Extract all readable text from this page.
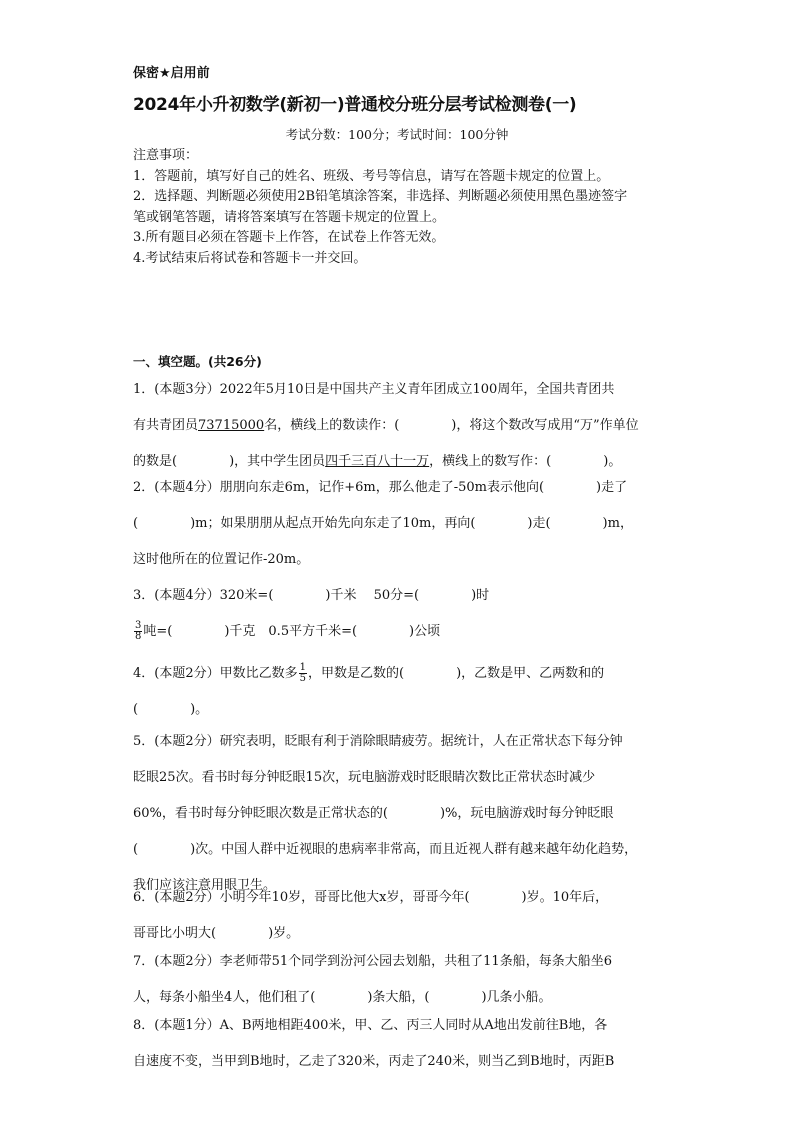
保密★启用前
2024年小升初数学(新初一)普通校分班分层考试检测卷(一)
考试分数：100分；考试时间：100分钟
注意事项：
1．答题前，填写好自己的姓名、班级、考号等信息，请写在答题卡规定的位置上。
2．选择题、判断题必须使用2B铅笔填涂答案，非选择、判断题必须使用黑色墨迹签字
笔或钢笔答题，请将答案填写在答题卡规定的位置上。
3.所有题目必须在答题卡上作答，在试卷上作答无效。
4.考试结束后将试卷和答题卡一并交回。
一、填空题。(共26分)
1．(本题3分）2022年5月10日是中国共产主义青年团成立100周年，全国共青团共
有共青团员73715000名，横线上的数读作：(　　　　)，将这个数改写成用“万”作单位
的数是(　　　　)，其中学生团员四千三百八十一万，横线上的数写作：(　　　　)。
2．(本题4分）朋朋向东走6m，记作+6m，那么他走了-50m表示他向(　　　　)走了
(　　　　)m；如果朋朋从起点开始先向东走了10m，再向(　　　　)走(　　　　)m，
这时他所在的位置记作-20m。
3．(本题4分）320米=(　　　　)千米　 50分=(　　　　)时
$\frac{3}{8}$ 吨=(　　　　)千克　0.5平方千米=(　　　　)公顷
4．(本题2分）甲数比乙数多 $\frac{1}{5}$ ，甲数是乙数的(　　　　)，乙数是甲、乙两数和的
(　　　　)。
5．(本题2分）研究表明，眨眼有利于消除眼睛疲劳。据统计，人在正常状态下每分钟
眨眼25次。看书时每分钟眨眼15次，玩电脑游戏时眨眼睛次数比正常状态时减少
60%，看书时每分钟眨眼次数是正常状态的(　　　　)%，玩电脑游戏时每分钟眨眼
(　　　　)次。中国人群中近视眼的患病率非常高，而且近视人群有越来越年幼化趋势，
我们应该注意用眼卫生。
6．(本题2分）小明今年10岁，哥哥比他大x岁，哥哥今年(　　　　)岁。10年后，
哥哥比小明大(　　　　)岁。
7．(本题2分）李老师带51个同学到汾河公园去划船，共租了11条船，每条大船坐6
人，每条小船坐4人，他们租了(　　　　)条大船，(　　　　)几条小船。
8．(本题1分）A、B两地相距400米，甲、乙、丙三人同时从A地出发前往B地，各
自速度不变，当甲到B地时，乙走了320米，丙走了240米，则当乙到B地时，丙距B
